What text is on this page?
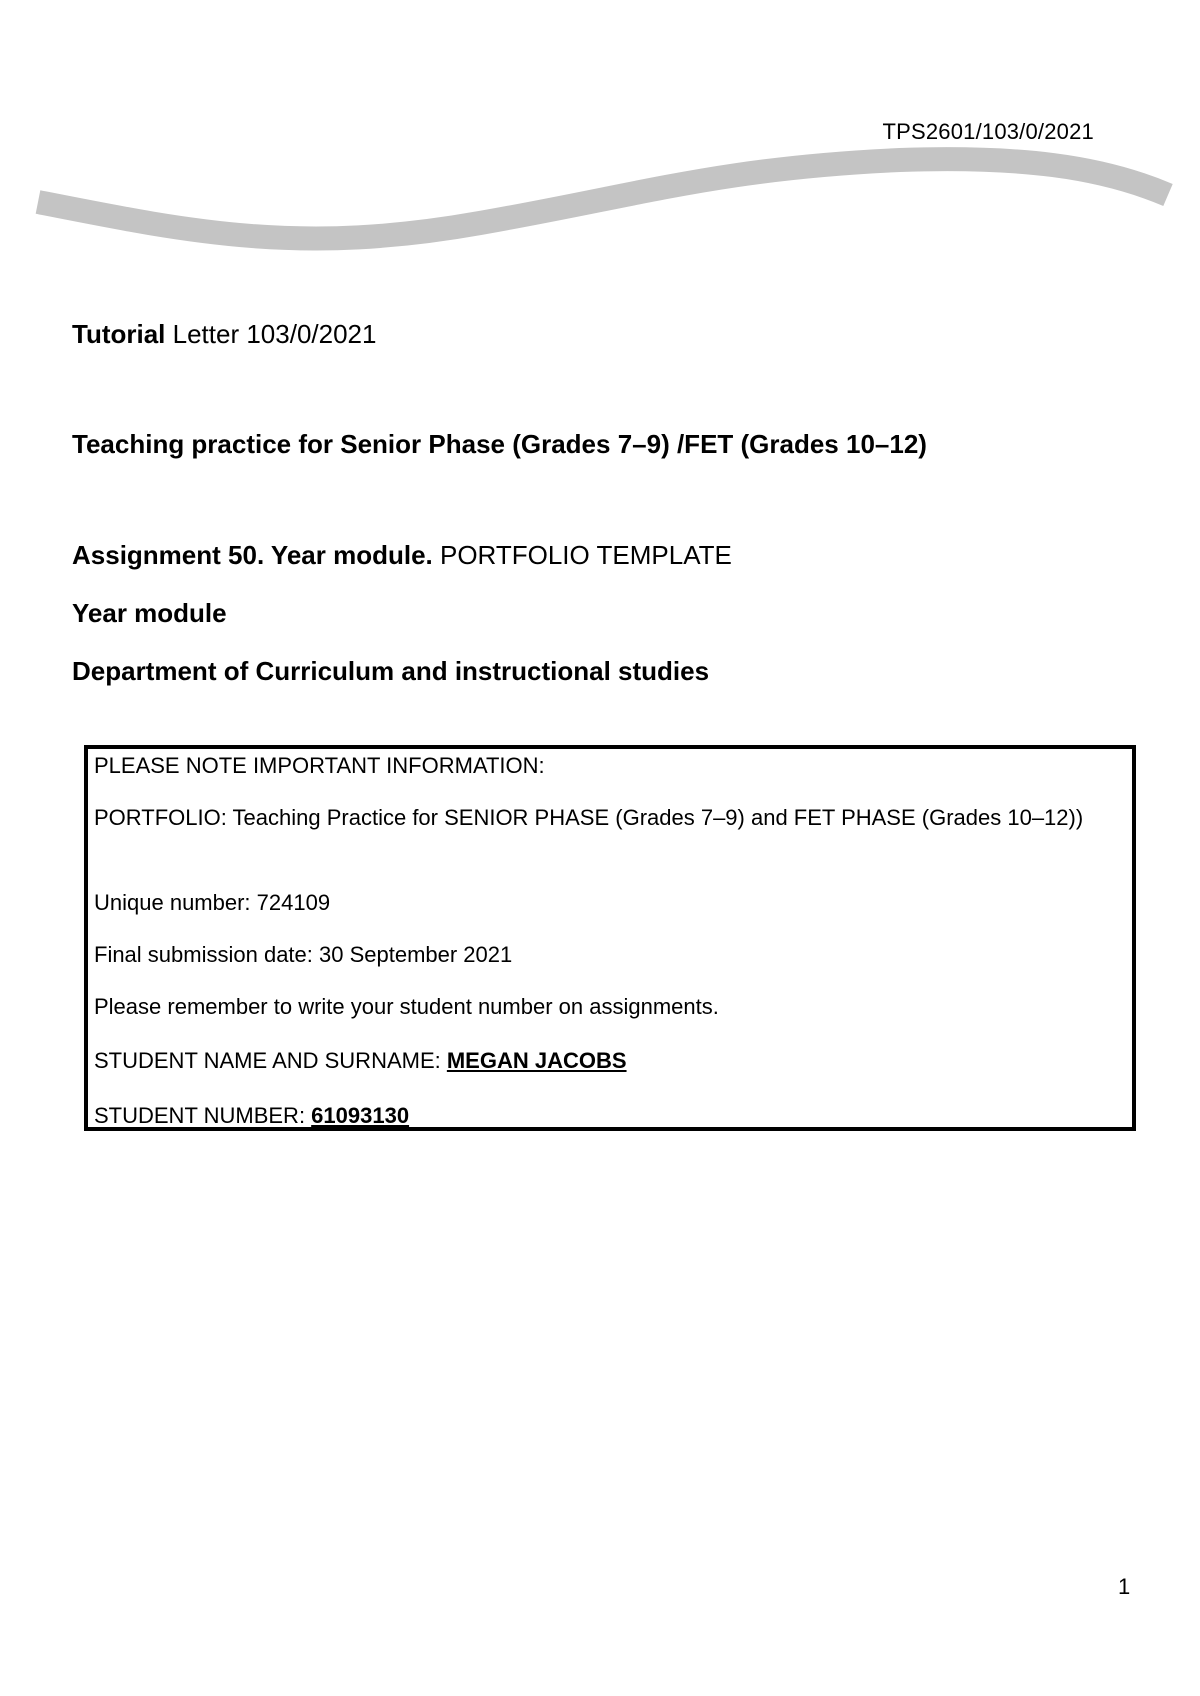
TPS2601/103/0/2021
Tutorial Letter 103/0/2021
Teaching practice for Senior Phase (Grades 7–9) /FET (Grades 10–12)
Assignment 50. Year module. PORTFOLIO TEMPLATE
Year module
Department of Curriculum and instructional studies

PLEASE NOTE IMPORTANT INFORMATION:

PORTFOLIO: Teaching Practice for SENIOR PHASE (Grades 7–9) and FET PHASE (Grades 10–12))

Unique number: 724109

Final submission date: 30 September 2021

Please remember to write your student number on assignments.

STUDENT NAME AND SURNAME: MEGAN JACOBS

STUDENT NUMBER: 61093130

1
